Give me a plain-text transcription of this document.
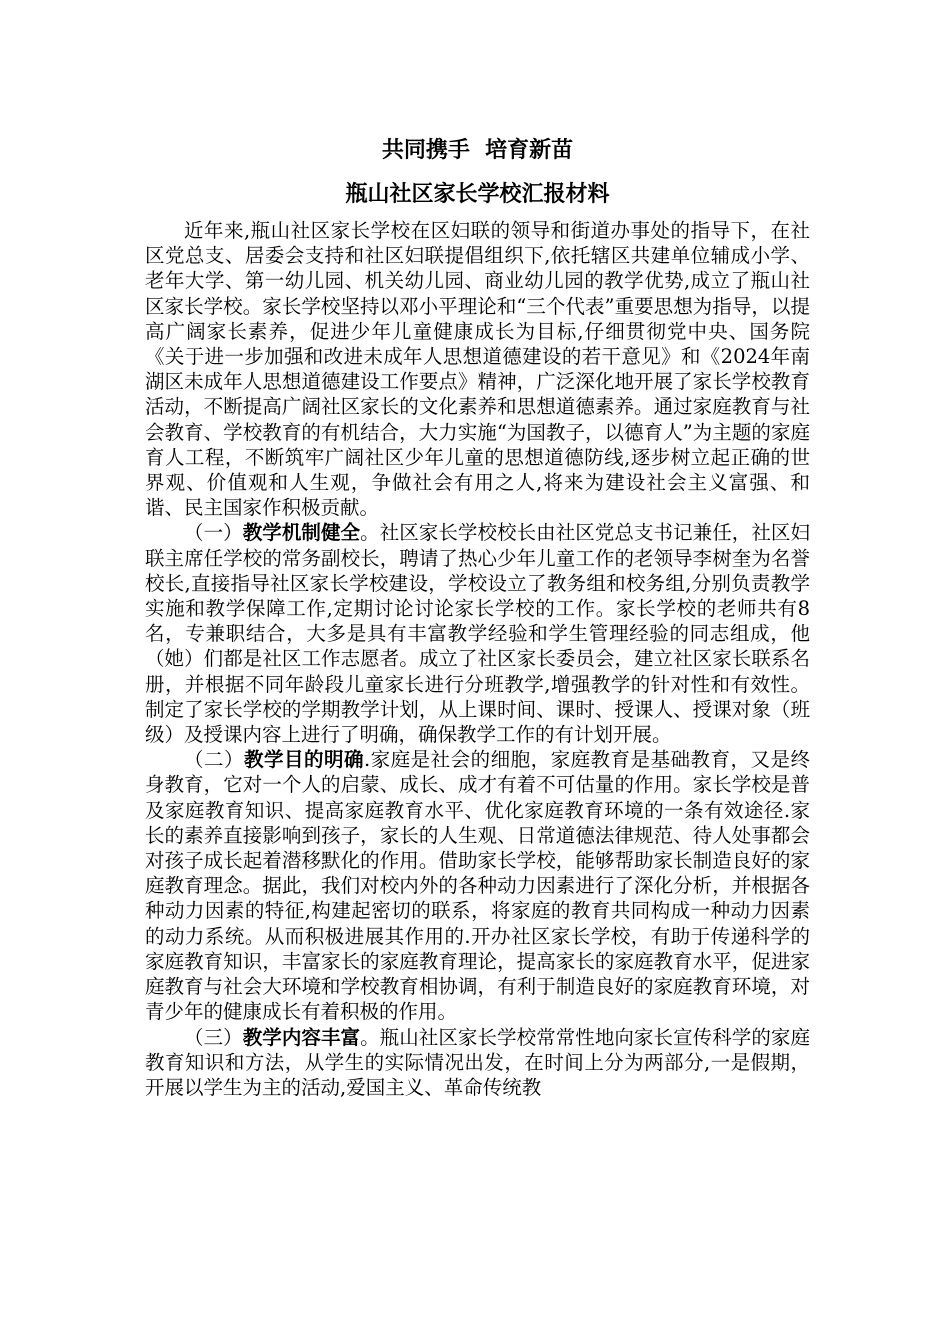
共同携手  培育新苗
瓶山社区家长学校汇报材料

近年来,瓶山社区家长学校在区妇联的领导和街道办事处的指导下，在社区党总支、居委会支持和社区妇联提倡组织下,依托辖区共建单位辅成小学、老年大学、第一幼儿园、机关幼儿园、商业幼儿园的教学优势,成立了瓶山社区家长学校。家长学校坚持以邓小平理论和“三个代表”重要思想为指导，以提高广阔家长素养，促进少年儿童健康成长为目标,仔细贯彻党中央、国务院《关于进一步加强和改进未成年人思想道德建设的若干意见》和《2024年南湖区未成年人思想道德建设工作要点》精神，广泛深化地开展了家长学校教育活动，不断提高广阔社区家长的文化素养和思想道德素养。通过家庭教育与社会教育、学校教育的有机结合，大力实施“为国教子，以德育人”为主题的家庭育人工程，不断筑牢广阔社区少年儿童的思想道德防线,逐步树立起正确的世界观、价值观和人生观，争做社会有用之人,将来为建设社会主义富强、和谐、民主国家作积极贡献。

（一）教学机制健全。社区家长学校校长由社区党总支书记兼任，社区妇联主席任学校的常务副校长，聘请了热心少年儿童工作的老领导李树奎为名誉校长,直接指导社区家长学校建设，学校设立了教务组和校务组,分别负责教学实施和教学保障工作,定期讨论讨论家长学校的工作。家长学校的老师共有8名，专兼职结合，大多是具有丰富教学经验和学生管理经验的同志组成，他（她）们都是社区工作志愿者。成立了社区家长委员会，建立社区家长联系名册，并根据不同年龄段儿童家长进行分班教学,增强教学的针对性和有效性。制定了家长学校的学期教学计划，从上课时间、课时、授课人、授课对象（班级）及授课内容上进行了明确，确保教学工作的有计划开展。

（二）教学目的明确.家庭是社会的细胞，家庭教育是基础教育，又是终身教育，它对一个人的启蒙、成长、成才有着不可估量的作用。家长学校是普及家庭教育知识、提高家庭教育水平、优化家庭教育环境的一条有效途径.家长的素养直接影响到孩子，家长的人生观、日常道德法律规范、待人处事都会对孩子成长起着潜移默化的作用。借助家长学校，能够帮助家长制造良好的家庭教育理念。据此，我们对校内外的各种动力因素进行了深化分析，并根据各种动力因素的特征,构建起密切的联系，将家庭的教育共同构成一种动力因素的动力系统。从而积极进展其作用的.开办社区家长学校，有助于传递科学的家庭教育知识，丰富家长的家庭教育理论，提高家长的家庭教育水平，促进家庭教育与社会大环境和学校教育相协调，有利于制造良好的家庭教育环境，对青少年的健康成长有着积极的作用。

（三）教学内容丰富。瓶山社区家长学校常常性地向家长宣传科学的家庭教育知识和方法，从学生的实际情况出发，在时间上分为两部分,一是假期，开展以学生为主的活动,爱国主义、革命传统教
